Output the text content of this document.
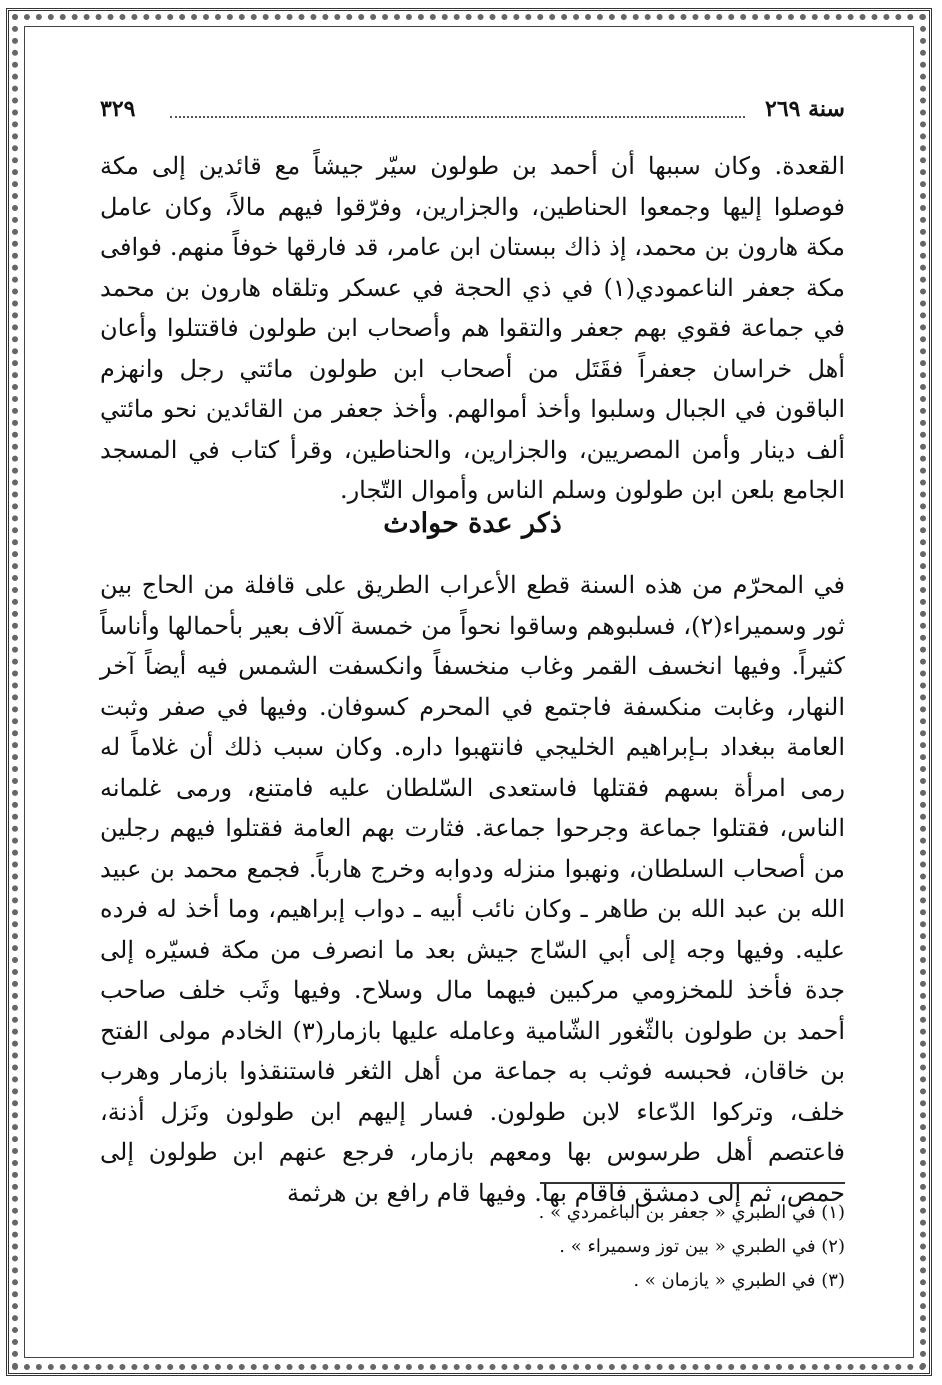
سنة ٢٦٩
٣٢٩

القعدة. وكان سببها أن أحمد بن طولون سيّر جيشاً مع قائدين إلى مكة فوصلوا إليها وجمعوا الحناطين، والجزارين، وفرّقوا فيهم مالاً، وكان عامل مكة هارون بن محمد، إذ ذاك ببستان ابن عامر، قد فارقها خوفاً منهم. فوافى مكة جعفر الناعمودي(١) في ذي الحجة في عسكر وتلقاه هارون بن محمد في جماعة فقوي بهم جعفر والتقوا هم وأصحاب ابن طولون فاقتتلوا وأعان أهل خراسان جعفراً فقَتَل من أصحاب ابن طولون مائتي رجل وانهزم الباقون في الجبال وسلبوا وأخذ أموالهم. وأخذ جعفر من القائدين نحو مائتي ألف دينار وأمن المصريين، والجزارين، والحناطين، وقرأ كتاب في المسجد الجامع بلعن ابن طولون وسلم الناس وأموال التّجار.

ذكر عدة حوادث

في المحرّم من هذه السنة قطع الأعراب الطريق على قافلة من الحاج بين ثور وسميراء(٢)، فسلبوهم وساقوا نحواً من خمسة آلاف بعير بأحمالها وأناساً كثيراً. وفيها انخسف القمر وغاب منخسفاً وانكسفت الشمس فيه أيضاً آخر النهار، وغابت منكسفة فاجتمع في المحرم كسوفان. وفيها في صفر وثبت العامة ببغداد بـإبراهيم الخليجي فانتهبوا داره. وكان سبب ذلك أن غلاماً له رمى امرأة بسهم فقتلها فاستعدى السّلطان عليه فامتنع، ورمى غلمانه الناس، فقتلوا جماعة وجرحوا جماعة. فثارت بهم العامة فقتلوا فيهم رجلين من أصحاب السلطان، ونهبوا منزله ودوابه وخرج هارباً. فجمع محمد بن عبيد الله بن عبد الله بن طاهر ـ وكان نائب أبيه ـ دواب إبراهيم، وما أخذ له فرده عليه. وفيها وجه إلى أبي السّاج جيش بعد ما انصرف من مكة فسيّره إلى جدة فأخذ للمخزومي مركبين فيهما مال وسلاح. وفيها وثَب خلف صاحب أحمد بن طولون بالثّغور الشّامية وعامله عليها بازمار(٣) الخادم مولى الفتح بن خاقان، فحبسه فوثب به جماعة من أهل الثغر فاستنقذوا بازمار وهرب خلف، وتركوا الدّعاء لابن طولون. فسار إليهم ابن طولون ونَزل أذنة، فاعتصم أهل طرسوس بها ومعهم بازمار، فرجع عنهم ابن طولون إلى حمص، ثم إلى دمشق فاقام بها. وفيها قام رافع بن هرثمة

(١) في الطبري « جعفر بن الباغمردي » .
(٢) في الطبري « بين توز وسميراء » .
(٣) في الطبري « يازمان » .
